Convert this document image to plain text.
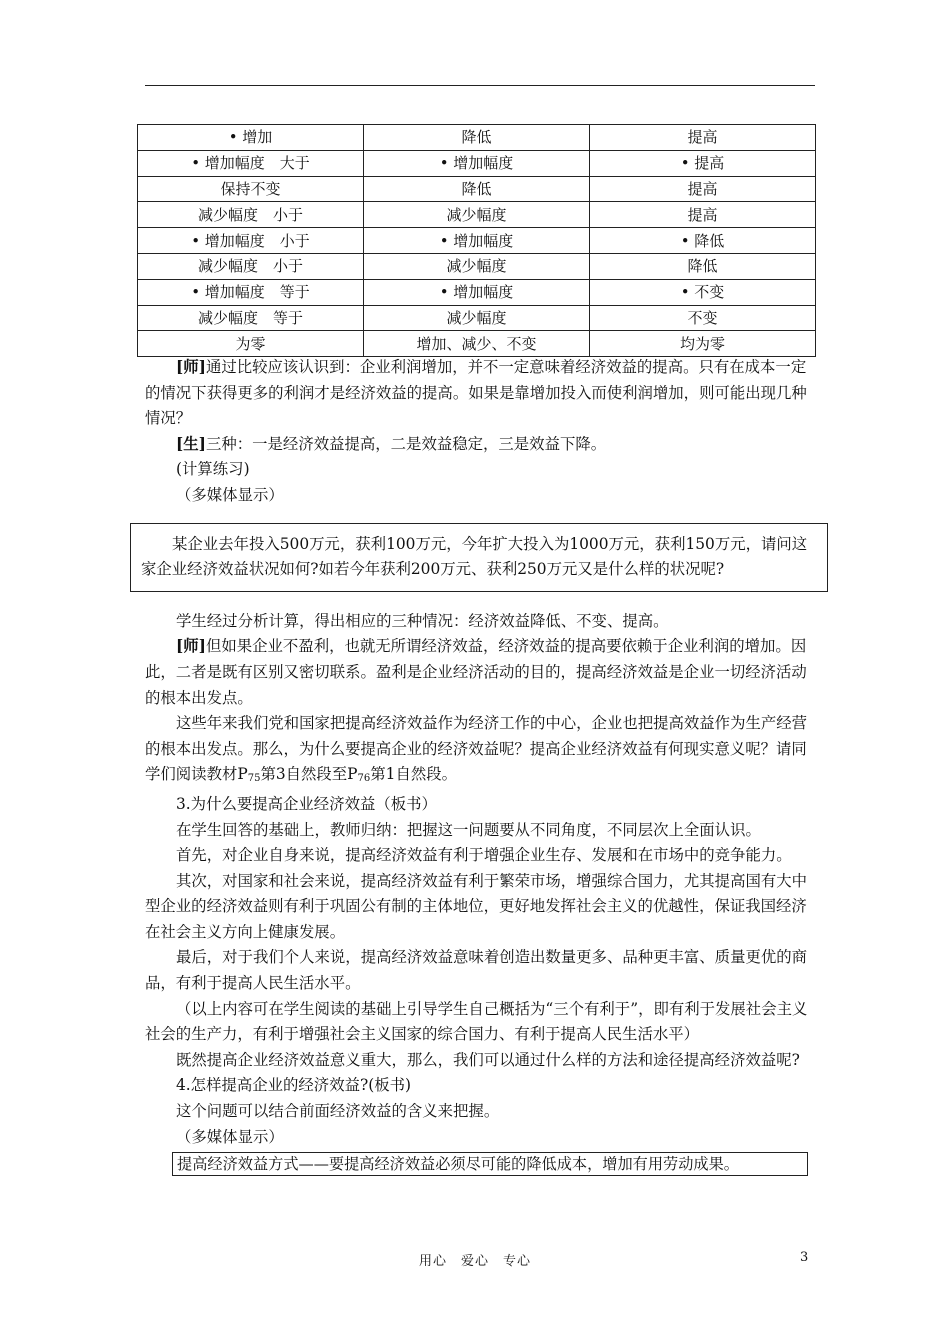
• 增加	降低	提高
• 增加幅度　大于	• 增加幅度	• 提高
保持不变	降低	提高
减少幅度　小于	减少幅度	提高
• 增加幅度　小于	• 增加幅度	• 降低
减少幅度　小于	减少幅度	降低
• 增加幅度　等于	• 增加幅度	• 不变
减少幅度　等于	减少幅度	不变
为零	增加、减少、不变	均为零

[师]通过比较应该认识到：企业利润增加，并不一定意味着经济效益的提高。只有在成本一定的情况下获得更多的利润才是经济效益的提高。如果是靠增加投入而使利润增加，则可能出现几种情况？

[生]三种：一是经济效益提高，二是效益稳定，三是效益下降。

(计算练习)

（多媒体显示）

某企业去年投入500万元，获利100万元，今年扩大投入为1000万元，获利150万元，请问这家企业经济效益状况如何?如若今年获利200万元、获利250万元又是什么样的状况呢?

学生经过分析计算，得出相应的三种情况：经济效益降低、不变、提高。

[师]但如果企业不盈利，也就无所谓经济效益，经济效益的提高要依赖于企业利润的增加。因此，二者是既有区别又密切联系。盈利是企业经济活动的目的，提高经济效益是企业一切经济活动的根本出发点。

这些年来我们党和国家把提高经济效益作为经济工作的中心，企业也把提高效益作为生产经营的根本出发点。那么，为什么要提高企业的经济效益呢？提高企业经济效益有何现实意义呢？请同学们阅读教材$P_{75}$第3自然段至$P_{76}$第1自然段。

3.为什么要提高企业经济效益（板书）

在学生回答的基础上，教师归纳：把握这一问题要从不同角度，不同层次上全面认识。

首先，对企业自身来说，提高经济效益有利于增强企业生存、发展和在市场中的竞争能力。

其次，对国家和社会来说，提高经济效益有利于繁荣市场，增强综合国力，尤其提高国有大中型企业的经济效益则有利于巩固公有制的主体地位，更好地发挥社会主义的优越性，保证我国经济在社会主义方向上健康发展。

最后，对于我们个人来说，提高经济效益意味着创造出数量更多、品种更丰富、质量更优的商品，有利于提高人民生活水平。

（以上内容可在学生阅读的基础上引导学生自己概括为“三个有利于”，即有利于发展社会主义社会的生产力，有利于增强社会主义国家的综合国力、有利于提高人民生活水平）

既然提高企业经济效益意义重大，那么，我们可以通过什么样的方法和途径提高经济效益呢?

4.怎样提高企业的经济效益?(板书)

这个问题可以结合前面经济效益的含义来把握。

（多媒体显示）

提高经济效益方式——要提高经济效益必须尽可能的降低成本，增加有用劳动成果。
用心　爱心　专心	3
